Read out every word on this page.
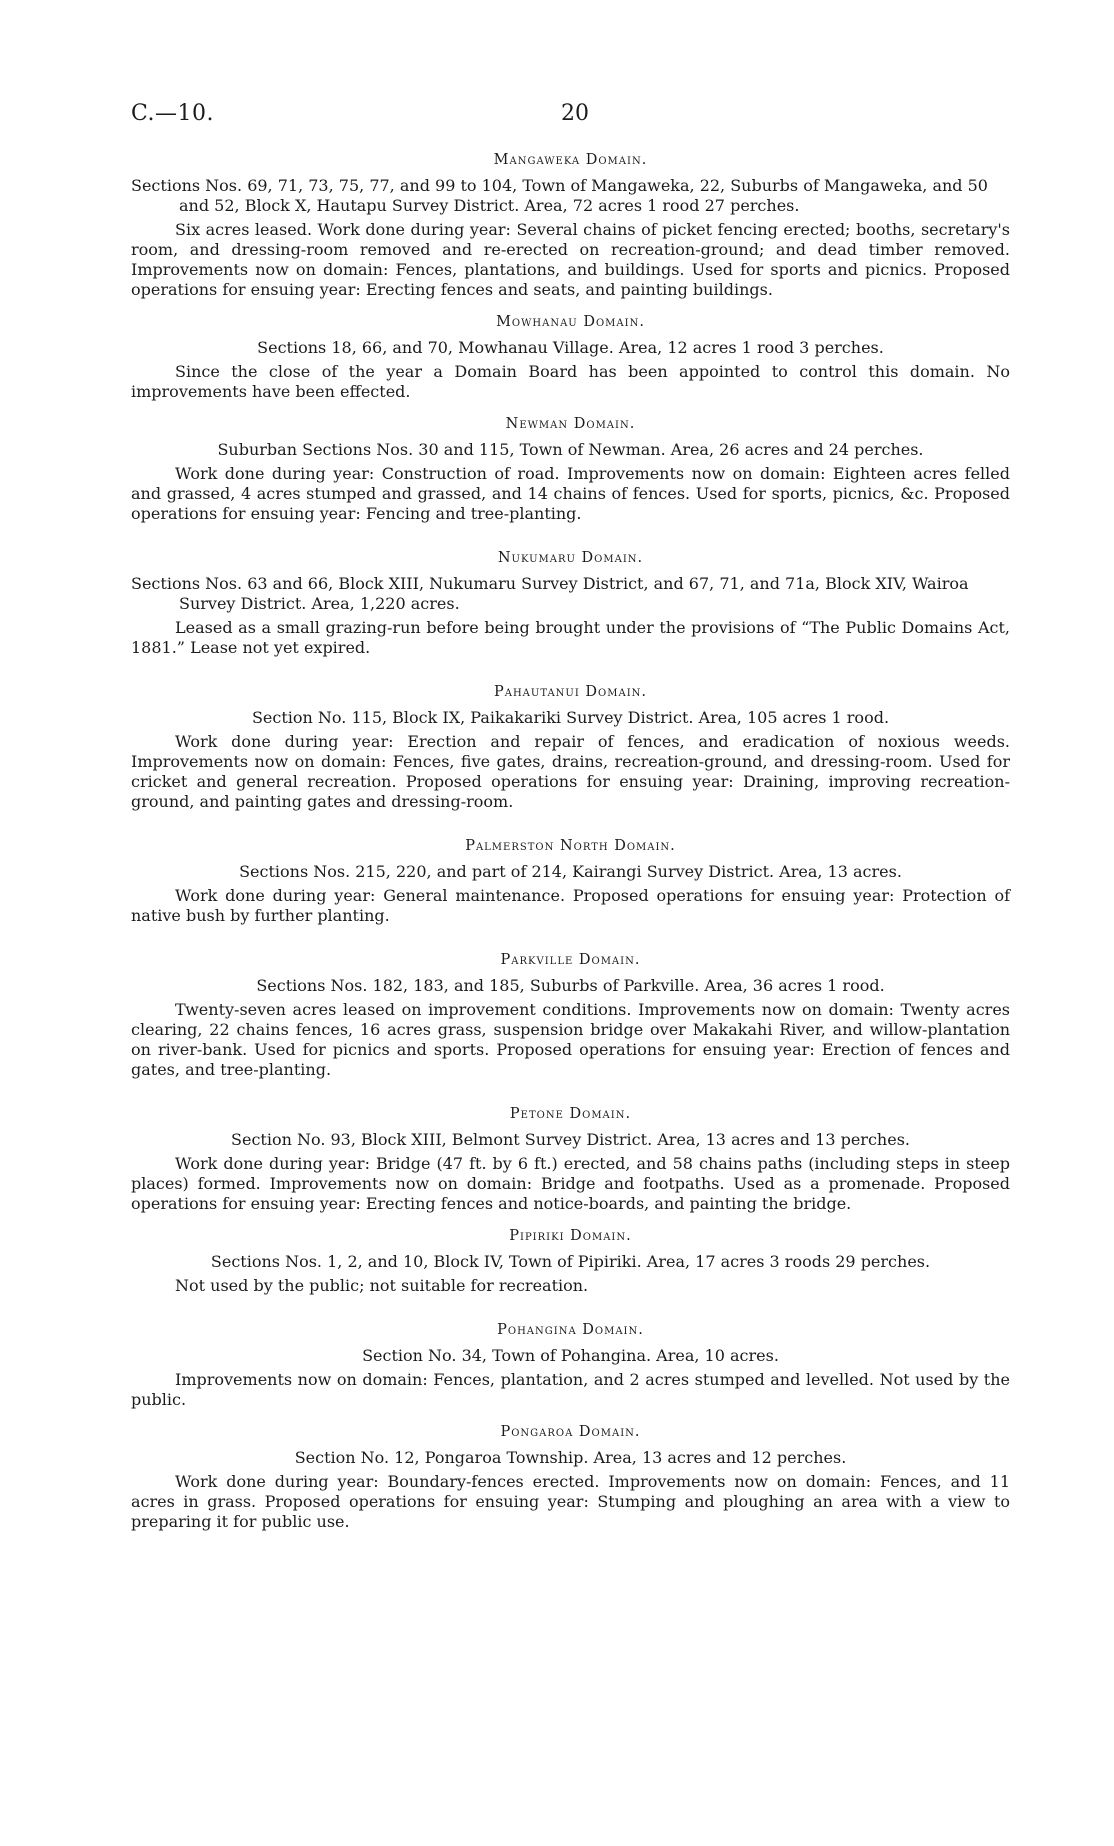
C.—10.	20
Mangaweka Domain.

Sections Nos. 69, 71, 73, 75, 77, and 99 to 104, Town of Mangaweka, 22, Suburbs of Mangaweka, and 50 and 52, Block X, Hautapu Survey District. Area, 72 acres 1 rood 27 perches.

Six acres leased. Work done during year: Several chains of picket fencing erected; booths, secretary's room, and dressing-room removed and re-erected on recreation-ground; and dead timber removed. Improvements now on domain: Fences, plantations, and buildings. Used for sports and picnics. Proposed operations for ensuing year: Erecting fences and seats, and painting buildings.

Mowhanau Domain.

Sections 18, 66, and 70, Mowhanau Village. Area, 12 acres 1 rood 3 perches.

Since the close of the year a Domain Board has been appointed to control this domain. No improvements have been effected.

Newman Domain.

Suburban Sections Nos. 30 and 115, Town of Newman. Area, 26 acres and 24 perches.

Work done during year: Construction of road. Improvements now on domain: Eighteen acres felled and grassed, 4 acres stumped and grassed, and 14 chains of fences. Used for sports, picnics, &c. Proposed operations for ensuing year: Fencing and tree-planting.

Nukumaru Domain.

Sections Nos. 63 and 66, Block XIII, Nukumaru Survey District, and 67, 71, and 71a, Block XIV, Wairoa Survey District. Area, 1,220 acres.

Leased as a small grazing-run before being brought under the provisions of “The Public Domains Act, 1881.” Lease not yet expired.

Pahautanui Domain.

Section No. 115, Block IX, Paikakariki Survey District. Area, 105 acres 1 rood.

Work done during year: Erection and repair of fences, and eradication of noxious weeds. Improvements now on domain: Fences, five gates, drains, recreation-ground, and dressing-room. Used for cricket and general recreation. Proposed operations for ensuing year: Draining, improving recreation-ground, and painting gates and dressing-room.

Palmerston North Domain.

Sections Nos. 215, 220, and part of 214, Kairangi Survey District. Area, 13 acres.

Work done during year: General maintenance. Proposed operations for ensuing year: Protection of native bush by further planting.

Parkville Domain.

Sections Nos. 182, 183, and 185, Suburbs of Parkville. Area, 36 acres 1 rood.

Twenty-seven acres leased on improvement conditions. Improvements now on domain: Twenty acres clearing, 22 chains fences, 16 acres grass, suspension bridge over Makakahi River, and willow-plantation on river-bank. Used for picnics and sports. Proposed operations for ensuing year: Erection of fences and gates, and tree-planting.

Petone Domain.

Section No. 93, Block XIII, Belmont Survey District. Area, 13 acres and 13 perches.

Work done during year: Bridge (47 ft. by 6 ft.) erected, and 58 chains paths (including steps in steep places) formed. Improvements now on domain: Bridge and footpaths. Used as a promenade. Proposed operations for ensuing year: Erecting fences and notice-boards, and painting the bridge.

Pipiriki Domain.

Sections Nos. 1, 2, and 10, Block IV, Town of Pipiriki. Area, 17 acres 3 roods 29 perches.

Not used by the public; not suitable for recreation.

Pohangina Domain.

Section No. 34, Town of Pohangina. Area, 10 acres.

Improvements now on domain: Fences, plantation, and 2 acres stumped and levelled. Not used by the public.

Pongaroa Domain.

Section No. 12, Pongaroa Township. Area, 13 acres and 12 perches.

Work done during year: Boundary-fences erected. Improvements now on domain: Fences, and 11 acres in grass. Proposed operations for ensuing year: Stumping and ploughing an area with a view to preparing it for public use.
